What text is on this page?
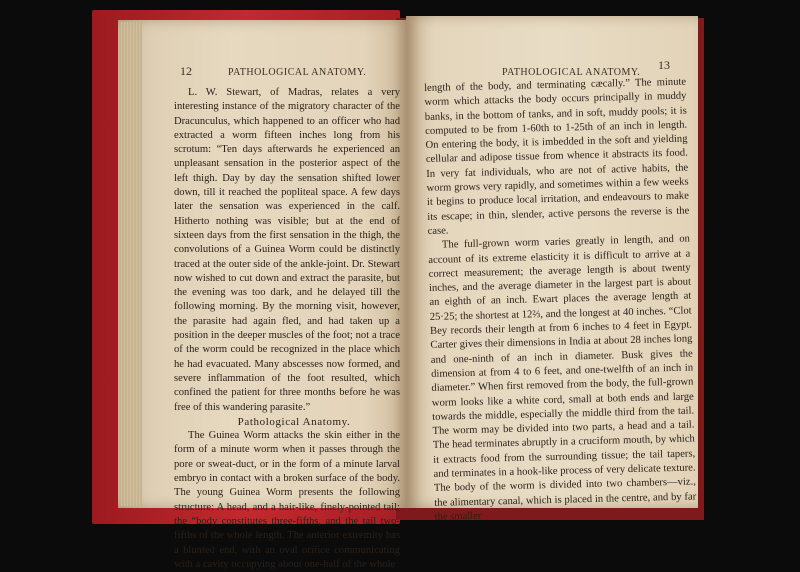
12	PATHOLOGICAL ANATOMY.

L. W. Stewart, of Madras, relates a very interesting instance of the migratory character of the Dracunculus, which happened to an officer who had extracted a worm fifteen inches long from his scrotum: “Ten days afterwards he experienced an unpleasant sensation in the posterior aspect of the left thigh. Day by day the sensation shifted lower down, till it reached the popliteal space. A few days later the sensation was experienced in the calf. Hitherto nothing was visible; but at the end of sixteen days from the first sensation in the thigh, the convolutions of a Guinea Worm could be distinctly traced at the outer side of the ankle-joint. Dr. Stewart now wished to cut down and extract the parasite, but the evening was too dark, and he delayed till the following morning. By the morning visit, however, the parasite had again fled, and had taken up a position in the deeper muscles of the foot; not a trace of the worm could be recognized in the place which he had evacuated. Many abscesses now formed, and severe inflammation of the foot resulted, which confined the patient for three months before he was free of this wandering parasite.”

Pathological Anatomy.

The Guinea Worm attacks the skin either in the form of a minute worm when it passes through the pore or sweat-duct, or in the form of a minute larval embryo in contact with a broken surface of the body. The young Guinea Worm presents the following structure: A head, and a hair-like, finely-pointed tail; the “body constitutes three-fifths, and the tail two-fifths of the whole length. The anterior extremity has a blunted end, with an oval orifice communicating with a cavity occupying about one-half of the whole

13
PATHOLOGICAL ANATOMY.

length of the body, and terminating cæcally.” The minute worm which attacks the body occurs principally in muddy banks, in the bottom of tanks, and in soft, muddy pools; it is computed to be from 1-60th to 1-25th of an inch in length. On entering the body, it is imbedded in the soft and yielding cellular and adipose tissue from whence it abstracts its food. In very fat individuals, who are not of active habits, the worm grows very rapidly, and sometimes within a few weeks it begins to produce local irritation, and endeavours to make its escape; in thin, slender, active persons the reverse is the case.

The full-grown worm varies greatly in length, and on account of its extreme elasticity it is difficult to arrive at a correct measurement; the average length is about twenty inches, and the average diameter in the largest part is about an eighth of an inch. Ewart places the average length at 25·25; the shortest at 12⅔, and the longest at 40 inches. “Clot Bey records their length at from 6 inches to 4 feet in Egypt. Carter gives their dimensions in India at about 28 inches long and one-ninth of an inch in diameter. Busk gives the dimension at from 4 to 6 feet, and one-twelfth of an inch in diameter.” When first removed from the body, the full-grown worm looks like a white cord, small at both ends and large towards the middle, especially the middle third from the tail. The worm may be divided into two parts, a head and a tail. The head terminates abruptly in a cruciform mouth, by which it extracts food from the surrounding tissue; the tail tapers, and terminates in a hook-like process of very delicate texture. The body of the worm is divided into two chambers—viz., the alimentary canal, which is placed in the centre, and by far the smaller
